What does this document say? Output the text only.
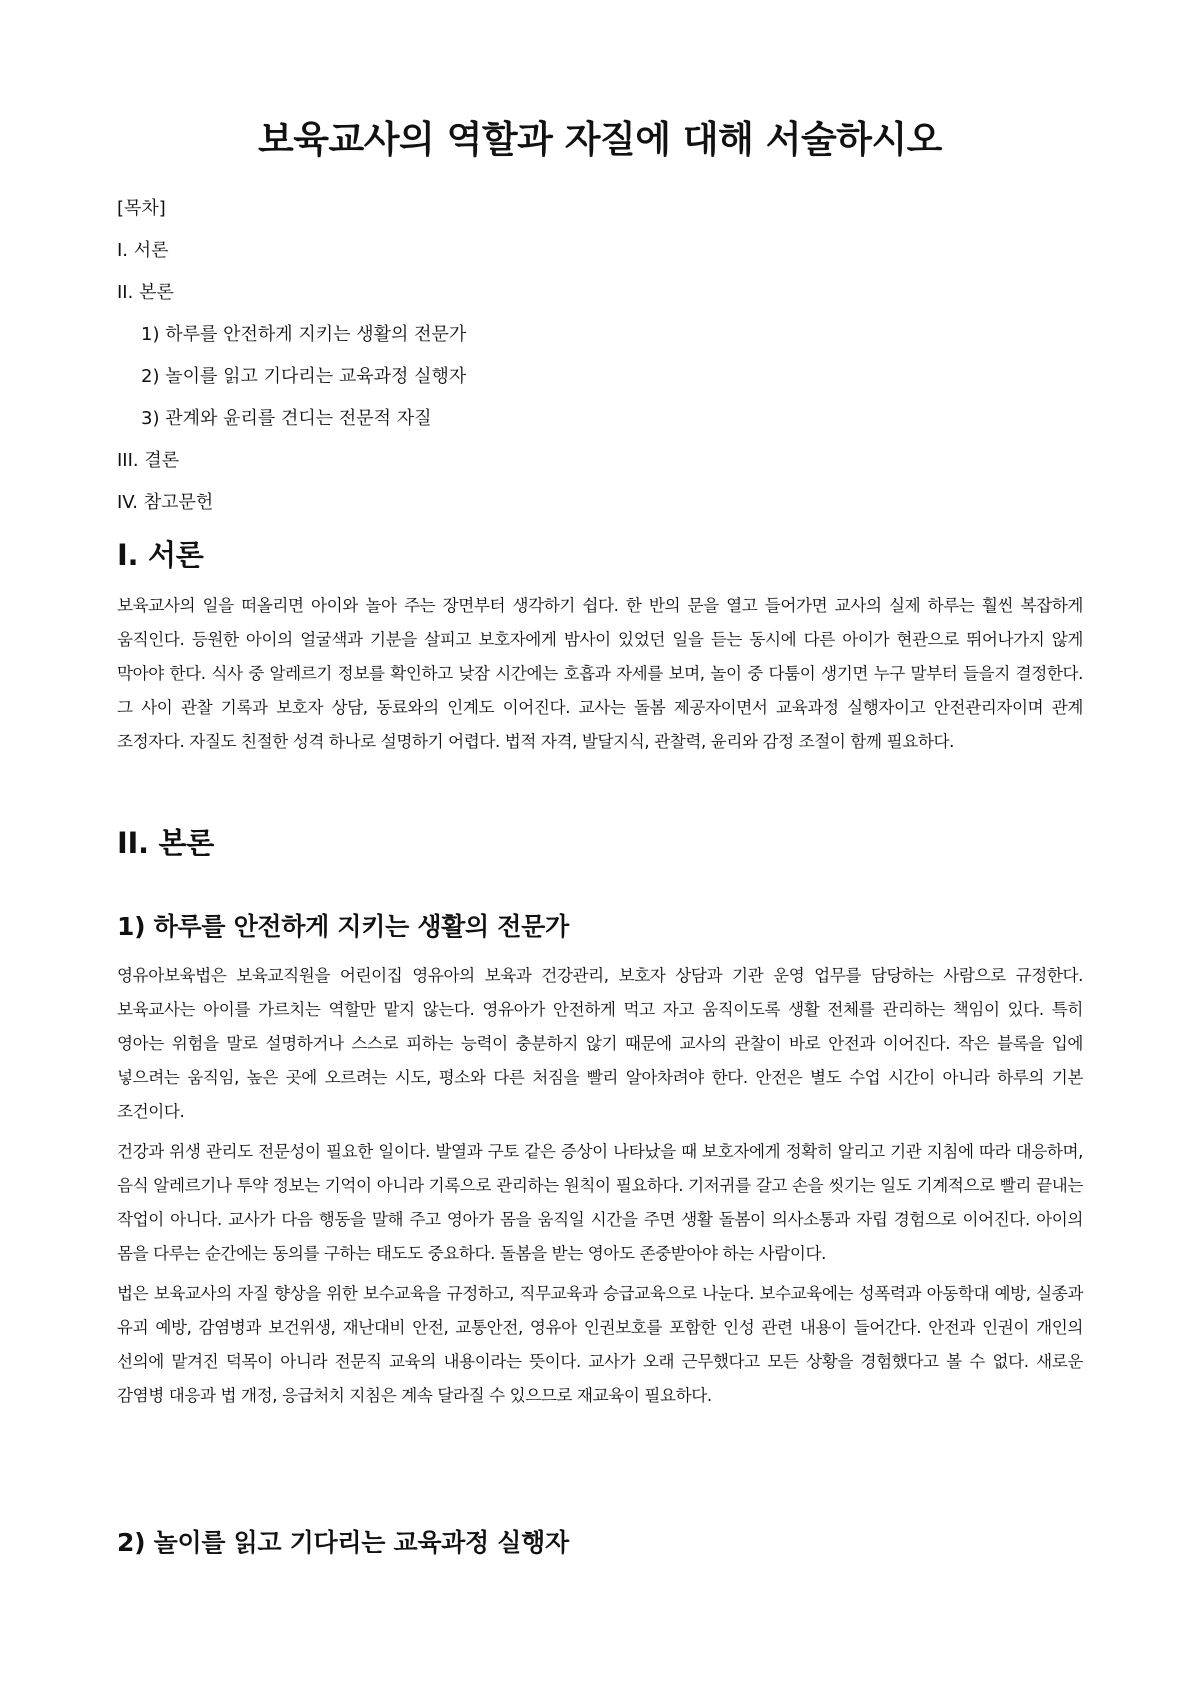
보육교사의 역할과 자질에 대해 서술하시오

[목차]

I. 서론

II. 본론

1) 하루를 안전하게 지키는 생활의 전문가

2) 놀이를 읽고 기다리는 교육과정 실행자

3) 관계와 윤리를 견디는 전문적 자질

III. 결론

IV. 참고문헌

I. 서론

보육교사의 일을 떠올리면 아이와 놀아 주는 장면부터 생각하기 쉽다. 한 반의 문을 열고 들어가면 교사의 실제 하루는 훨씬 복잡하게 움직인다. 등원한 아이의 얼굴색과 기분을 살피고 보호자에게 밤사이 있었던 일을 듣는 동시에 다른 아이가 현관으로 뛰어나가지 않게 막아야 한다. 식사 중 알레르기 정보를 확인하고 낮잠 시간에는 호흡과 자세를 보며, 놀이 중 다툼이 생기면 누구 말부터 들을지 결정한다. 그 사이 관찰 기록과 보호자 상담, 동료와의 인계도 이어진다. 교사는 돌봄 제공자이면서 교육과정 실행자이고 안전관리자이며 관계 조정자다. 자질도 친절한 성격 하나로 설명하기 어렵다. 법적 자격, 발달지식, 관찰력, 윤리와 감정 조절이 함께 필요하다.

II. 본론
1) 하루를 안전하게 지키는 생활의 전문가

영유아보육법은 보육교직원을 어린이집 영유아의 보육과 건강관리, 보호자 상담과 기관 운영 업무를 담당하는 사람으로 규정한다. 보육교사는 아이를 가르치는 역할만 맡지 않는다. 영유아가 안전하게 먹고 자고 움직이도록 생활 전체를 관리하는 책임이 있다. 특히 영아는 위험을 말로 설명하거나 스스로 피하는 능력이 충분하지 않기 때문에 교사의 관찰이 바로 안전과 이어진다. 작은 블록을 입에 넣으려는 움직임, 높은 곳에 오르려는 시도, 평소와 다른 처짐을 빨리 알아차려야 한다. 안전은 별도 수업 시간이 아니라 하루의 기본 조건이다.

건강과 위생 관리도 전문성이 필요한 일이다. 발열과 구토 같은 증상이 나타났을 때 보호자에게 정확히 알리고 기관 지침에 따라 대응하며, 음식 알레르기나 투약 정보는 기억이 아니라 기록으로 관리하는 원칙이 필요하다. 기저귀를 갈고 손을 씻기는 일도 기계적으로 빨리 끝내는 작업이 아니다. 교사가 다음 행동을 말해 주고 영아가 몸을 움직일 시간을 주면 생활 돌봄이 의사소통과 자립 경험으로 이어진다. 아이의 몸을 다루는 순간에는 동의를 구하는 태도도 중요하다. 돌봄을 받는 영아도 존중받아야 하는 사람이다.

법은 보육교사의 자질 향상을 위한 보수교육을 규정하고, 직무교육과 승급교육으로 나눈다. 보수교육에는 성폭력과 아동학대 예방, 실종과 유괴 예방, 감염병과 보건위생, 재난대비 안전, 교통안전, 영유아 인권보호를 포함한 인성 관련 내용이 들어간다. 안전과 인권이 개인의 선의에 맡겨진 덕목이 아니라 전문직 교육의 내용이라는 뜻이다. 교사가 오래 근무했다고 모든 상황을 경험했다고 볼 수 없다. 새로운 감염병 대응과 법 개정, 응급처치 지침은 계속 달라질 수 있으므로 재교육이 필요하다.

2) 놀이를 읽고 기다리는 교육과정 실행자
